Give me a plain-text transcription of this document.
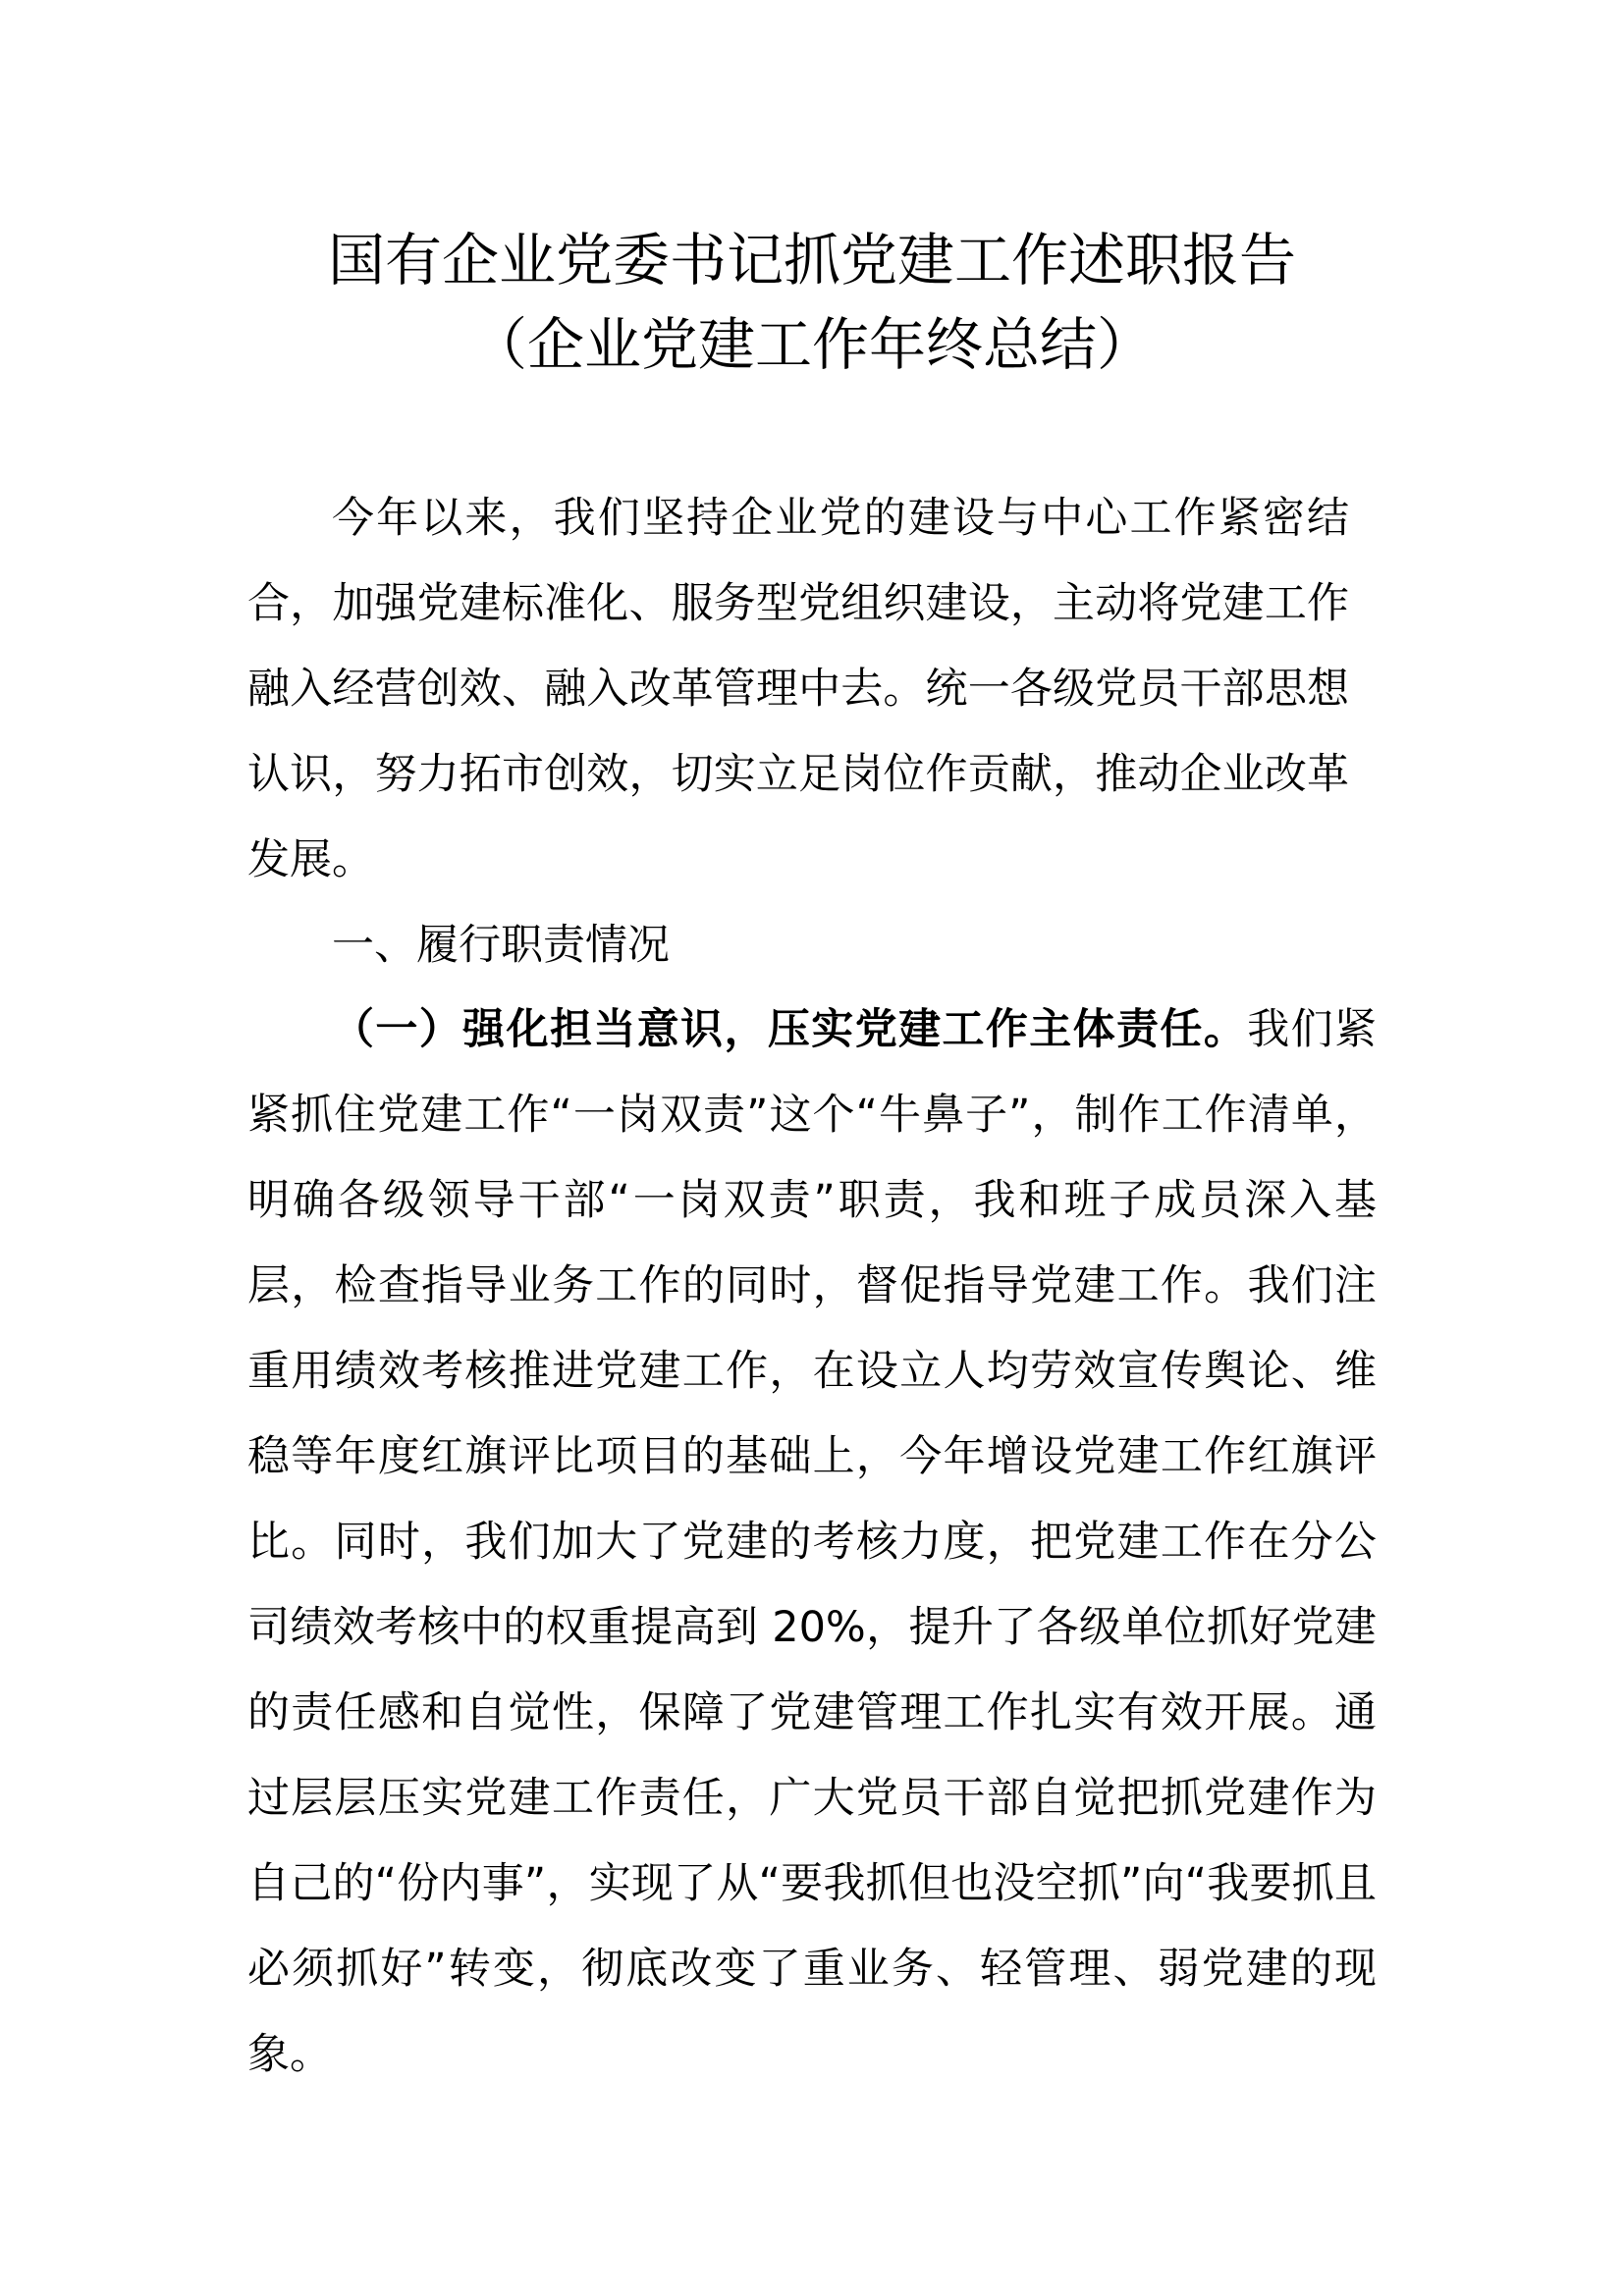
国有企业党委书记抓党建工作述职报告
（企业党建工作年终总结）

今年以来，我们坚持企业党的建设与中心工作紧密结合，加强党建标准化、服务型党组织建设，主动将党建工作融入经营创效、融入改革管理中去。统一各级党员干部思想认识，努力拓市创效，切实立足岗位作贡献，推动企业改革发展。

一、履行职责情况

（一）强化担当意识，压实党建工作主体责任。我们紧紧抓住党建工作“一岗双责”这个“牛鼻子”，制作工作清单，明确各级领导干部“一岗双责”职责，我和班子成员深入基层，检查指导业务工作的同时，督促指导党建工作。我们注重用绩效考核推进党建工作，在设立人均劳效宣传舆论、维稳等年度红旗评比项目的基础上，今年增设党建工作红旗评比。同时，我们加大了党建的考核力度，把党建工作在分公司绩效考核中的权重提高到 20%，提升了各级单位抓好党建的责任感和自觉性，保障了党建管理工作扎实有效开展。通过层层压实党建工作责任，广大党员干部自觉把抓党建作为自己的“份内事”，实现了从“要我抓但也没空抓”向“我要抓且必须抓好”转变，彻底改变了重业务、轻管理、弱党建的现象。
